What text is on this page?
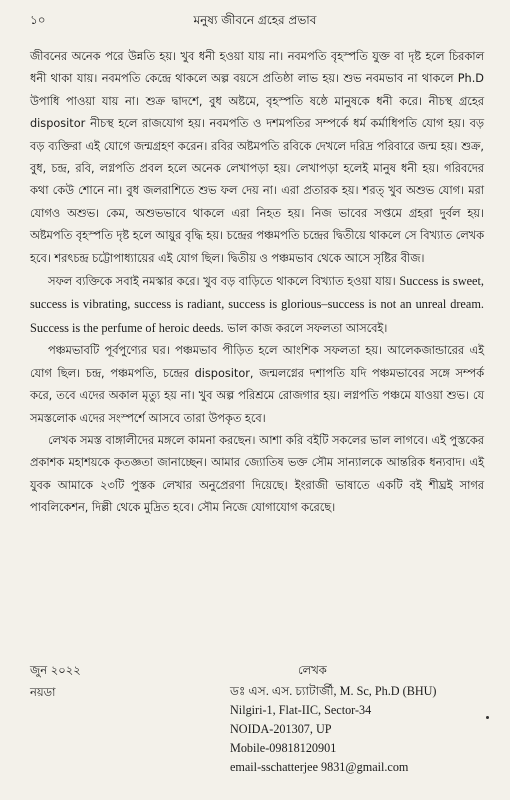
১০	মনুষ্য জীবনে গ্রহের প্রভাব

জীবনের অনেক পরে উন্নতি হয়। খুব ধনী হওয়া যায় না। নবমপতি বৃহস্পতি যুক্ত বা দৃষ্ট হলে চিরকাল ধনী থাকা যায়। নবমপতি কেন্দ্রে থাকলে অল্প বয়সে প্রতিষ্ঠা লাভ হয়। শুভ নবমভাব না থাকলে Ph.D উপাধি পাওয়া যায় না। শুক্র দ্বাদশে, বুধ অষ্টমে, বৃহস্পতি ষষ্ঠে মানুষকে ধনী করে। নীচস্থ গ্রহের dispositor নীচস্থ হলে রাজযোগ হয়। নবমপতি ও দশমপতির সম্পর্কে ধর্ম কর্মাধিপতি যোগ হয়। বড় বড় ব্যক্তিরা এই যোগে জন্মগ্রহণ করেন। রবির অষ্টমপতি রবিকে দেখলে দরিদ্র পরিবারে জন্ম হয়। শুক্র, বুধ, চন্দ্র, রবি, লগ্নপতি প্রবল হলে অনেক লেখাপড়া হয়। লেখাপড়া হলেই মানুষ ধনী হয়। গরিবদের কথা কেউ শোনে না। বুধ জলরাশিতে শুভ ফল দেয় না। এরা প্রতারক হয়। শরত্ খুব অশুভ যোগ। মরা যোগও অশুভ। কেম, অশুভভাবে থাকলে এরা নিহত হয়। নিজ ভাবের সপ্তমে গ্রহরা দুর্বল হয়। অষ্টমপতি বৃহস্পতি দৃষ্ট হলে আয়ুর বৃদ্ধি হয়। চন্দ্রের পঞ্চমপতি চন্দ্রের দ্বিতীয়ে থাকলে সে বিখ্যাত লেখক হবে। শরৎচন্দ্র চট্টোপাধ্যায়ের এই যোগ ছিল। দ্বিতীয় ও পঞ্চমভাব থেকে আসে সৃষ্টির বীজ।

সফল ব্যক্তিকে সবাই নমস্কার করে। খুব বড় বাড়িতে থাকলে বিখ্যাত হওয়া যায়। Success is sweet, success is vibrating, success is radiant, success is glorious–success is not an unreal dream. Success is the perfume of heroic deeds. ভাল কাজ করলে সফলতা আসবেই।

পঞ্চমভাবটি পূর্বপুণ্যের ঘর। পঞ্চমভাব পীড়িত হলে আংশিক সফলতা হয়। আলেকজান্ডারের এই যোগ ছিল। চন্দ্র, পঞ্চমপতি, চন্দ্রের dispositor, জন্মলগ্নের দশাপতি যদি পঞ্চমভাবের সঙ্গে সম্পর্ক করে, তবে এদের অকাল মৃত্যু হয় না। খুব অল্প পরিশ্রমে রোজগার হয়। লগ্নপতি পঞ্চমে যাওয়া শুভ। যে সমস্তলোক এদের সংস্পর্শে আসবে তারা উপকৃত হবে।

লেখক সমস্ত বাঙ্গালীদের মঙ্গলে কামনা করছেন। আশা করি বইটি সকলের ভাল লাগবে। এই পুস্তকের প্রকাশক মহাশয়কে কৃতজ্ঞতা জানাচ্ছেন। আমার জ্যোতিষ ভক্ত সৌম সান্যালকে আন্তরিক ধন্যবাদ। এই যুবক আমাকে ২৩টি পুস্তক লেখার অনুপ্রেরণা দিয়েছে। ইংরাজী ভাষাতে একটি বই শীঘ্রই সাগর পাবলিকেশন, দিল্লী থেকে মুদ্রিত হবে। সৌম নিজে যোগাযোগ করেছে।

জুন ২০২২
নয়ডা
লেখক
ডঃ এস. এস. চ্যাটার্জী, M. Sc, Ph.D (BHU)
Nilgiri-1, Flat-IIC, Sector-34
NOIDA-201307, UP
Mobile-09818120901
email-sschatterjee 9831@gmail.com
